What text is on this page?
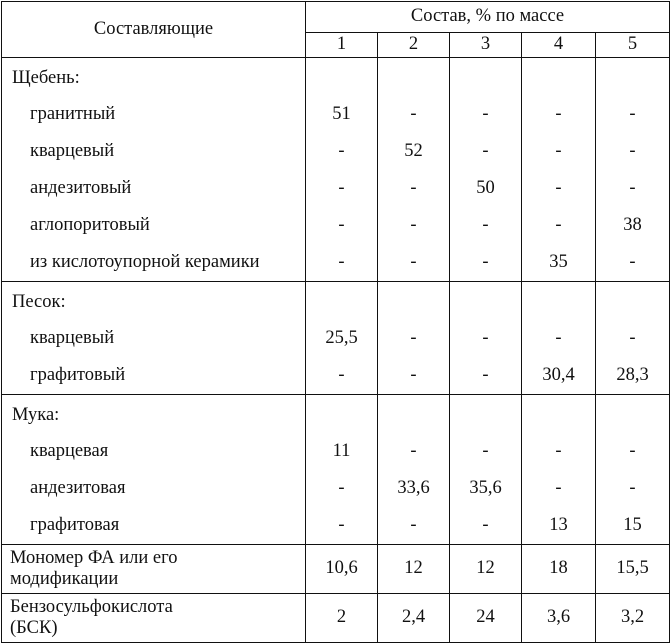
Составляющие	Состав, % по массе				
	1	2	3	4	5
Щебень:					
гранитный	51	-	-	-	-
кварцевый	-	52	-	-	-
андезитовый	-	-	50	-	-
аглопоритовый	-	-	-	-	38
из кислотоупорной керамики	-	-	-	35	-
Песок:					
кварцевый	25,5	-	-	-	-
графитовый	-	-	-	30,4	28,3
Мука:					
кварцевая	11	-	-	-	-
андезитовая	-	33,6	35,6	-	-
графитовая	-	-	-	13	15
Мономер ФА или его
модификации	10,6	12	12	18	15,5
Бензосульфокислота
(БСК)	2	2,4	24	3,6	3,2
